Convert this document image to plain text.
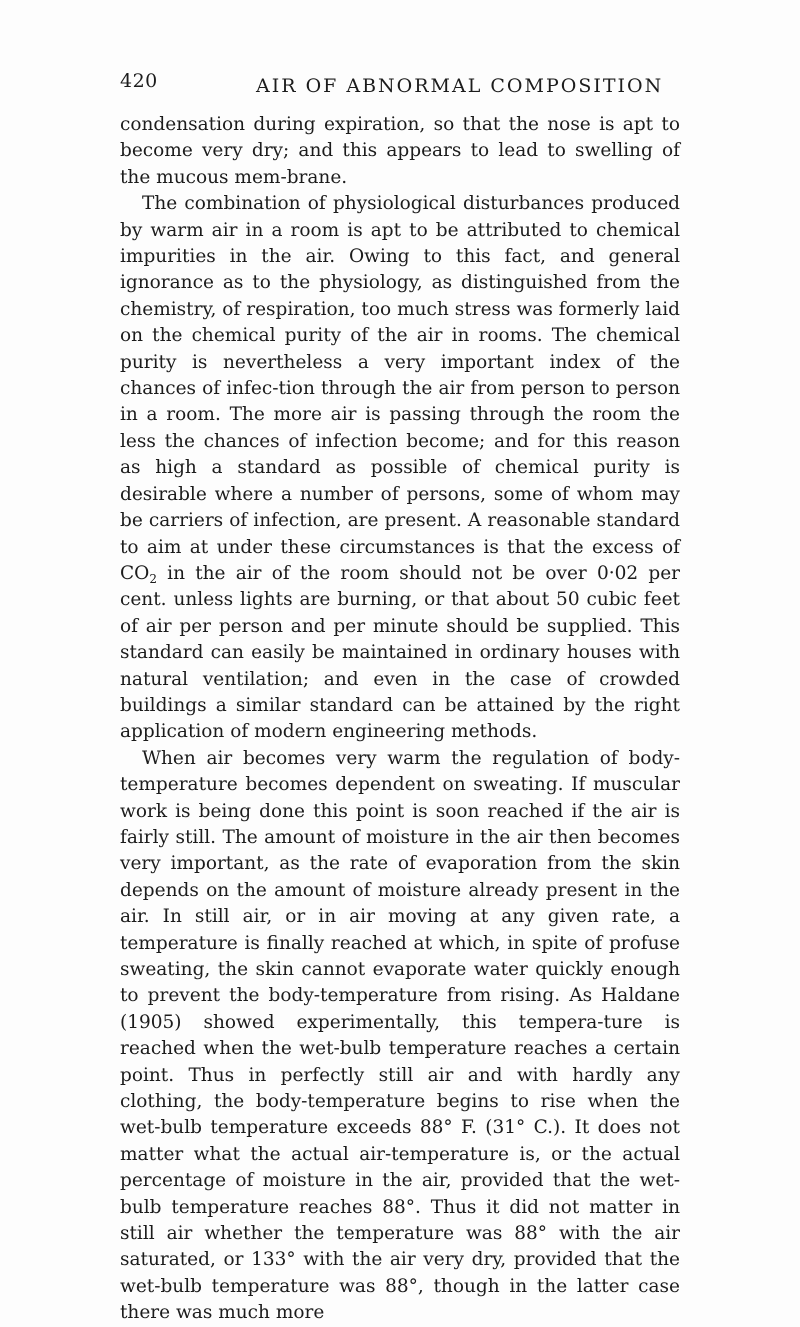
420	AIR OF ABNORMAL COMPOSITION

condensation during expiration, so that the nose is apt to become very dry; and this appears to lead to swelling of the mucous mem-brane.

The combination of physiological disturbances produced by warm air in a room is apt to be attributed to chemical impurities in the air. Owing to this fact, and general ignorance as to the physiology, as distinguished from the chemistry, of respiration, too much stress was formerly laid on the chemical purity of the air in rooms. The chemical purity is nevertheless a very important index of the chances of infec-tion through the air from person to person in a room. The more air is passing through the room the less the chances of infection become; and for this reason as high a standard as possible of chemical purity is desirable where a number of persons, some of whom may be carriers of infection, are present. A reasonable standard to aim at under these circumstances is that the excess of $CO_2$ in the air of the room should not be over 0·02 per cent. unless lights are burning, or that about 50 cubic feet of air per person and per minute should be supplied. This standard can easily be maintained in ordinary houses with natural ventilation; and even in the case of crowded buildings a similar standard can be attained by the right application of modern engineering methods.

When air becomes very warm the regulation of body-temperature becomes dependent on sweating. If muscular work is being done this point is soon reached if the air is fairly still. The amount of moisture in the air then becomes very important, as the rate of evaporation from the skin depends on the amount of moisture already present in the air. In still air, or in air moving at any given rate, a temperature is finally reached at which, in spite of profuse sweating, the skin cannot evaporate water quickly enough to prevent the body-temperature from rising. As Haldane (1905) showed experimentally, this tempera-ture is reached when the wet-bulb temperature reaches a certain point. Thus in perfectly still air and with hardly any clothing, the body-temperature begins to rise when the wet-bulb temperature exceeds 88° F. (31° C.). It does not matter what the actual air-temperature is, or the actual percentage of moisture in the air, provided that the wet-bulb temperature reaches 88°. Thus it did not matter in still air whether the temperature was 88° with the air saturated, or 133° with the air very dry, provided that the wet-bulb temperature was 88°, though in the latter case there was much more
